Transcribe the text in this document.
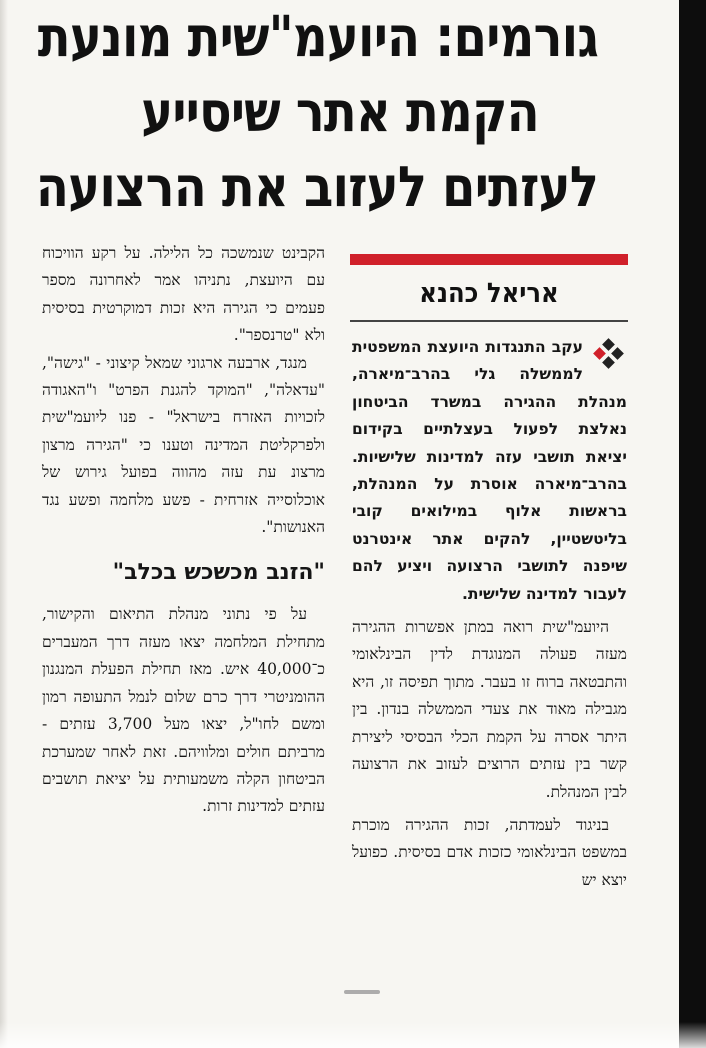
גורמים: היועמ"שית מונעת
הקמת אתר שיסייע
לעזתים לעזוב את הרצועה
אריאל כהנא

עקב התנגדות היועצת המשפטית לממשלה גלי בהרב־מיארה, מנהלת ההגירה במשרד הביטחון נאלצת לפעול בעצלתיים בקידום יציאת תושבי עזה למדינות שלישיות. בהרב־מיארה אוסרת על המנהלת, בראשות אלוף במילואים קובי בליטשטיין, להקים אתר אינטרנט שיפנה לתושבי הרצועה ויציע להם לעבור למדינה שלישית.

היועמ"שית רואה במתן אפשרות ההגירה מעזה פעולה המנוגדת לדין הבינלאומי והתבטאה ברוח זו בעבר. מתוך תפיסה זו, היא מגבילה מאוד את צעדי הממשלה בנדון. בין היתר אסרה על הקמת הכלי הבסיסי ליצירת קשר בין עזתים הרוצים לעזוב את הרצועה לבין המנהלת.

בניגוד לעמדתה, זכות ההגירה מוכרת במשפט הבינלאומי כזכות אדם בסיסית. כפועל יוצא יש

הקבינט שנמשכה כל הלילה. על רקע הוויכוח עם היועצת, נתניהו אמר לאחרונה מספר פעמים כי הגירה היא זכות דמוקרטית בסיסית ולא "טרנספר".

מנגד, ארבעה ארגוני שמאל קיצוני - "גישה", "עדאלה", "המוקד להגנת הפרט" ו"האגודה לזכויות האזרח בישראל" - פנו ליועמ"שית ולפרקליטת המדינה וטענו כי "הגירה מרצון מרצונ עת עזה מהווה בפועל גירוש של אוכלוסייה אזרחית - פשע מלחמה ופשע נגד האנושות".

"הזנב מכשכש בכלב"

על פי נתוני מנהלת התיאום והקישור, מתחילת המלחמה יצאו מעזה דרך המעברים כ־40,000 איש. מאז תחילת הפעלת המנגנון ההומניטרי דרך כרם שלום לנמל התעופה רמון ומשם לחו"ל, יצאו מעל 3,700 עזתים - מרביתם חולים ומלוויהם. זאת לאחר שמערכת הביטחון הקלה משמעותית על יציאת תושבים עזתים למדינות זרות.
